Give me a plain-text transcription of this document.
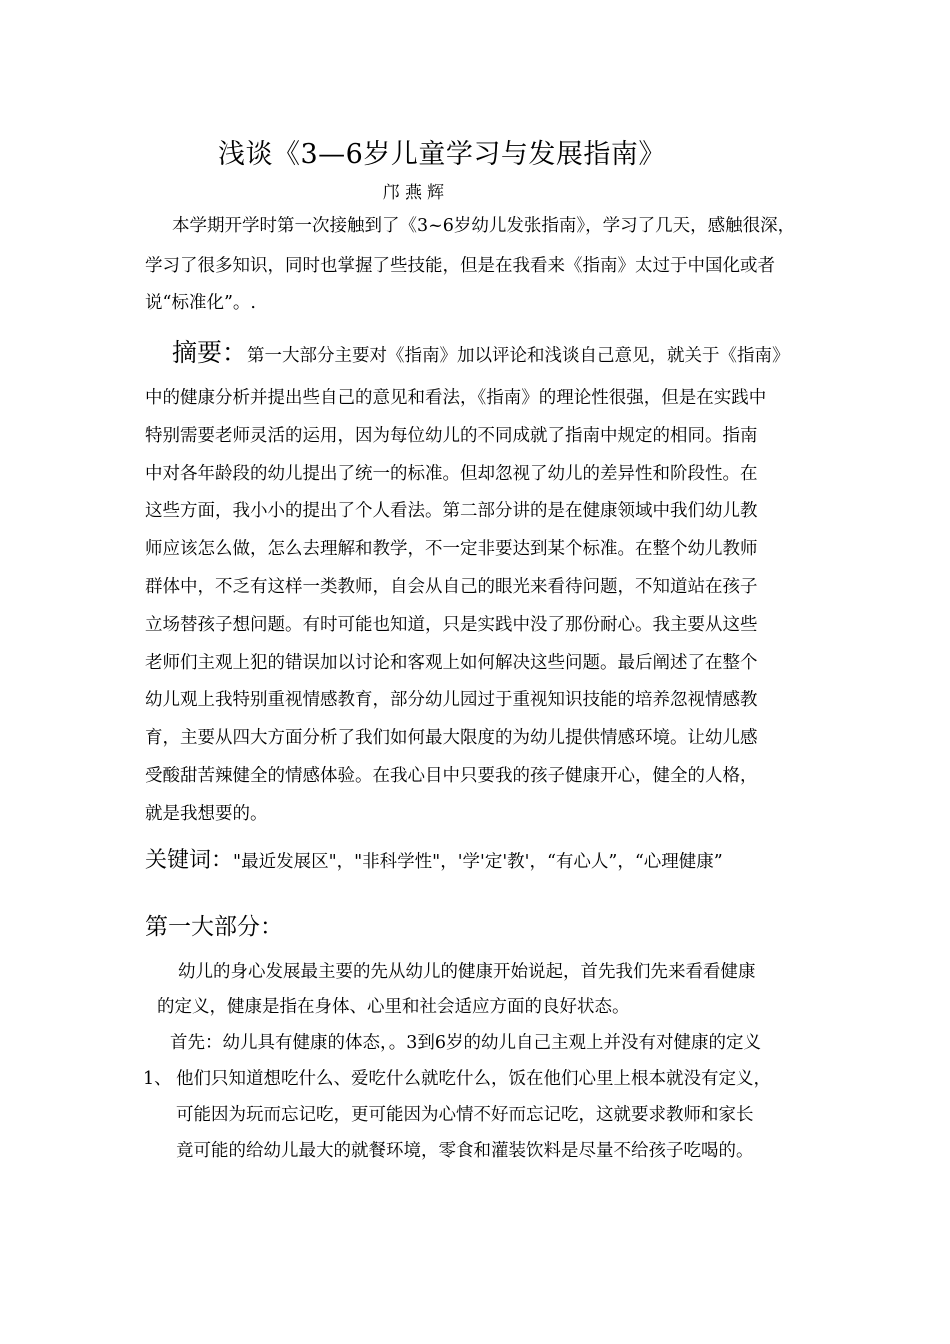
浅谈《3—6岁儿童学习与发展指南》
邝燕辉
本学期开学时第一次接触到了《3~6岁幼儿发张指南》，学习了几天，感触很深，
学习了很多知识，同时也掌握了些技能，但是在我看来《指南》太过于中国化或者
说“标准化”。.
摘要：第一大部分主要对《指南》加以评论和浅谈自己意见，就关于《指南》
中的健康分析并提出些自己的意见和看法，《指南》的理论性很强，但是在实践中
特别需要老师灵活的运用，因为每位幼儿的不同成就了指南中规定的相同。指南
中对各年龄段的幼儿提出了统一的标准。但却忽视了幼儿的差异性和阶段性。在
这些方面，我小小的提出了个人看法。第二部分讲的是在健康领域中我们幼儿教
师应该怎么做，怎么去理解和教学，不一定非要达到某个标准。在整个幼儿教师
群体中，不乏有这样一类教师，自会从自己的眼光来看待问题，不知道站在孩子
立场替孩子想问题。有时可能也知道，只是实践中没了那份耐心。我主要从这些
老师们主观上犯的错误加以讨论和客观上如何解决这些问题。最后阐述了在整个
幼儿观上我特别重视情感教育，部分幼儿园过于重视知识技能的培养忽视情感教
育，主要从四大方面分析了我们如何最大限度的为幼儿提供情感环境。让幼儿感
受酸甜苦辣健全的情感体验。在我心目中只要我的孩子健康开心，健全的人格，
就是我想要的。
关键词："最近发展区"，"非科学性"，'学'定'教'，“有心人”，“心理健康”
第一大部分：
幼儿的身心发展最主要的先从幼儿的健康开始说起，首先我们先来看看健康
的定义，健康是指在身体、心里和社会适应方面的良好状态。
首先：幼儿具有健康的体态，。3到6岁的幼儿自己主观上并没有对健康的定义
1、 他们只知道想吃什么、爱吃什么就吃什么，饭在他们心里上根本就没有定义，
可能因为玩而忘记吃，更可能因为心情不好而忘记吃，这就要求教师和家长
竟可能的给幼儿最大的就餐环境，零食和灌装饮料是尽量不给孩子吃喝的。
